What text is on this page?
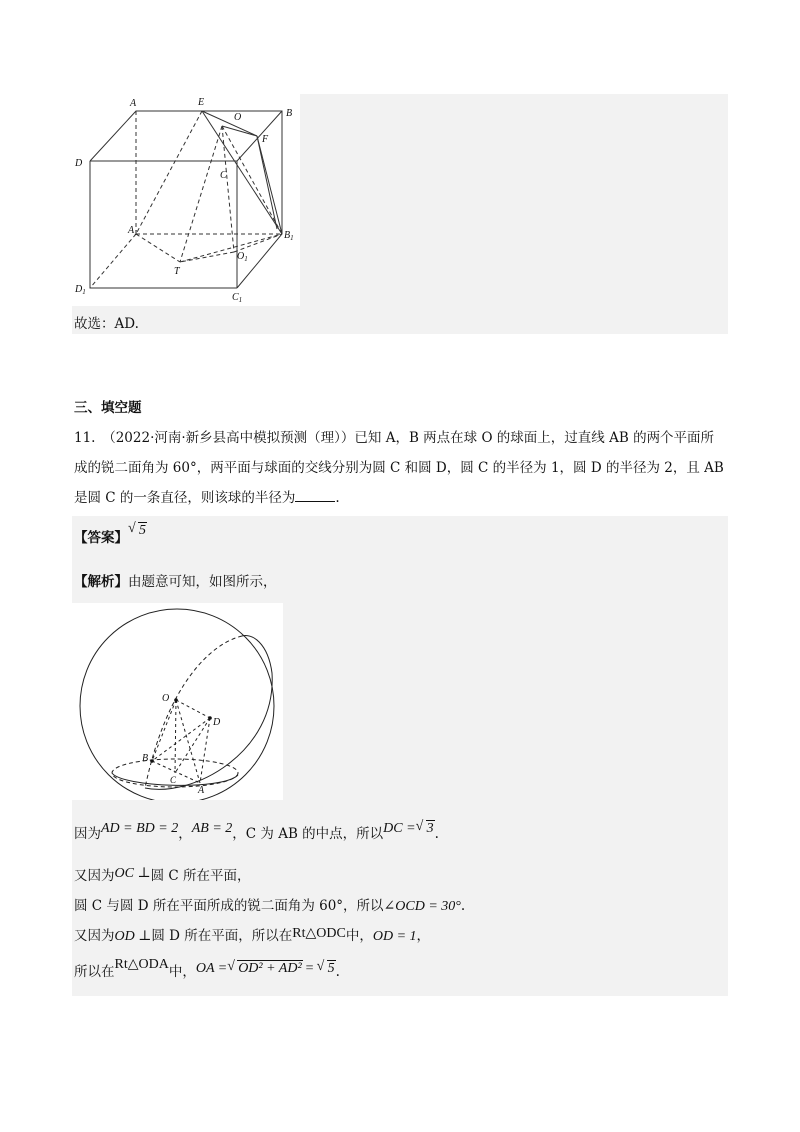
A	E
O	B
F
D
C
$A_1$	$B_1$
$O_1$
T
$D_1$	$C_1$
故选：AD.
三、填空题
11.　（2022·河南·新乡县高中模拟预测（理））已知 A，B 两点在球 O 的球面上，过直线 AB 的两个平面所
成的锐二面角为 60°，两平面与球面的交线分别为圆 C 和圆 D，圆 C 的半径为 1，圆 D 的半径为 2，且 AB
是圆 C 的一条直径，则该球的半径为	.
【答案】 √ 5
【解析】由题意可知，如图所示，
O
D
B
C
A
因为AD = BD = 2，AB = 2，C 为 AB 的中点，所以DC = √ 3.
又因为OC ⊥圆 C 所在平面，
圆 C 与圆 D 所在平面所成的锐二面角为 60°，所以∠OCD = 30°.
又因为OD ⊥圆 D 所在平面，所以在Rt△ODC中，OD = 1，
所以在Rt△ODA中，OA = √ OD² + AD² = √ 5.
